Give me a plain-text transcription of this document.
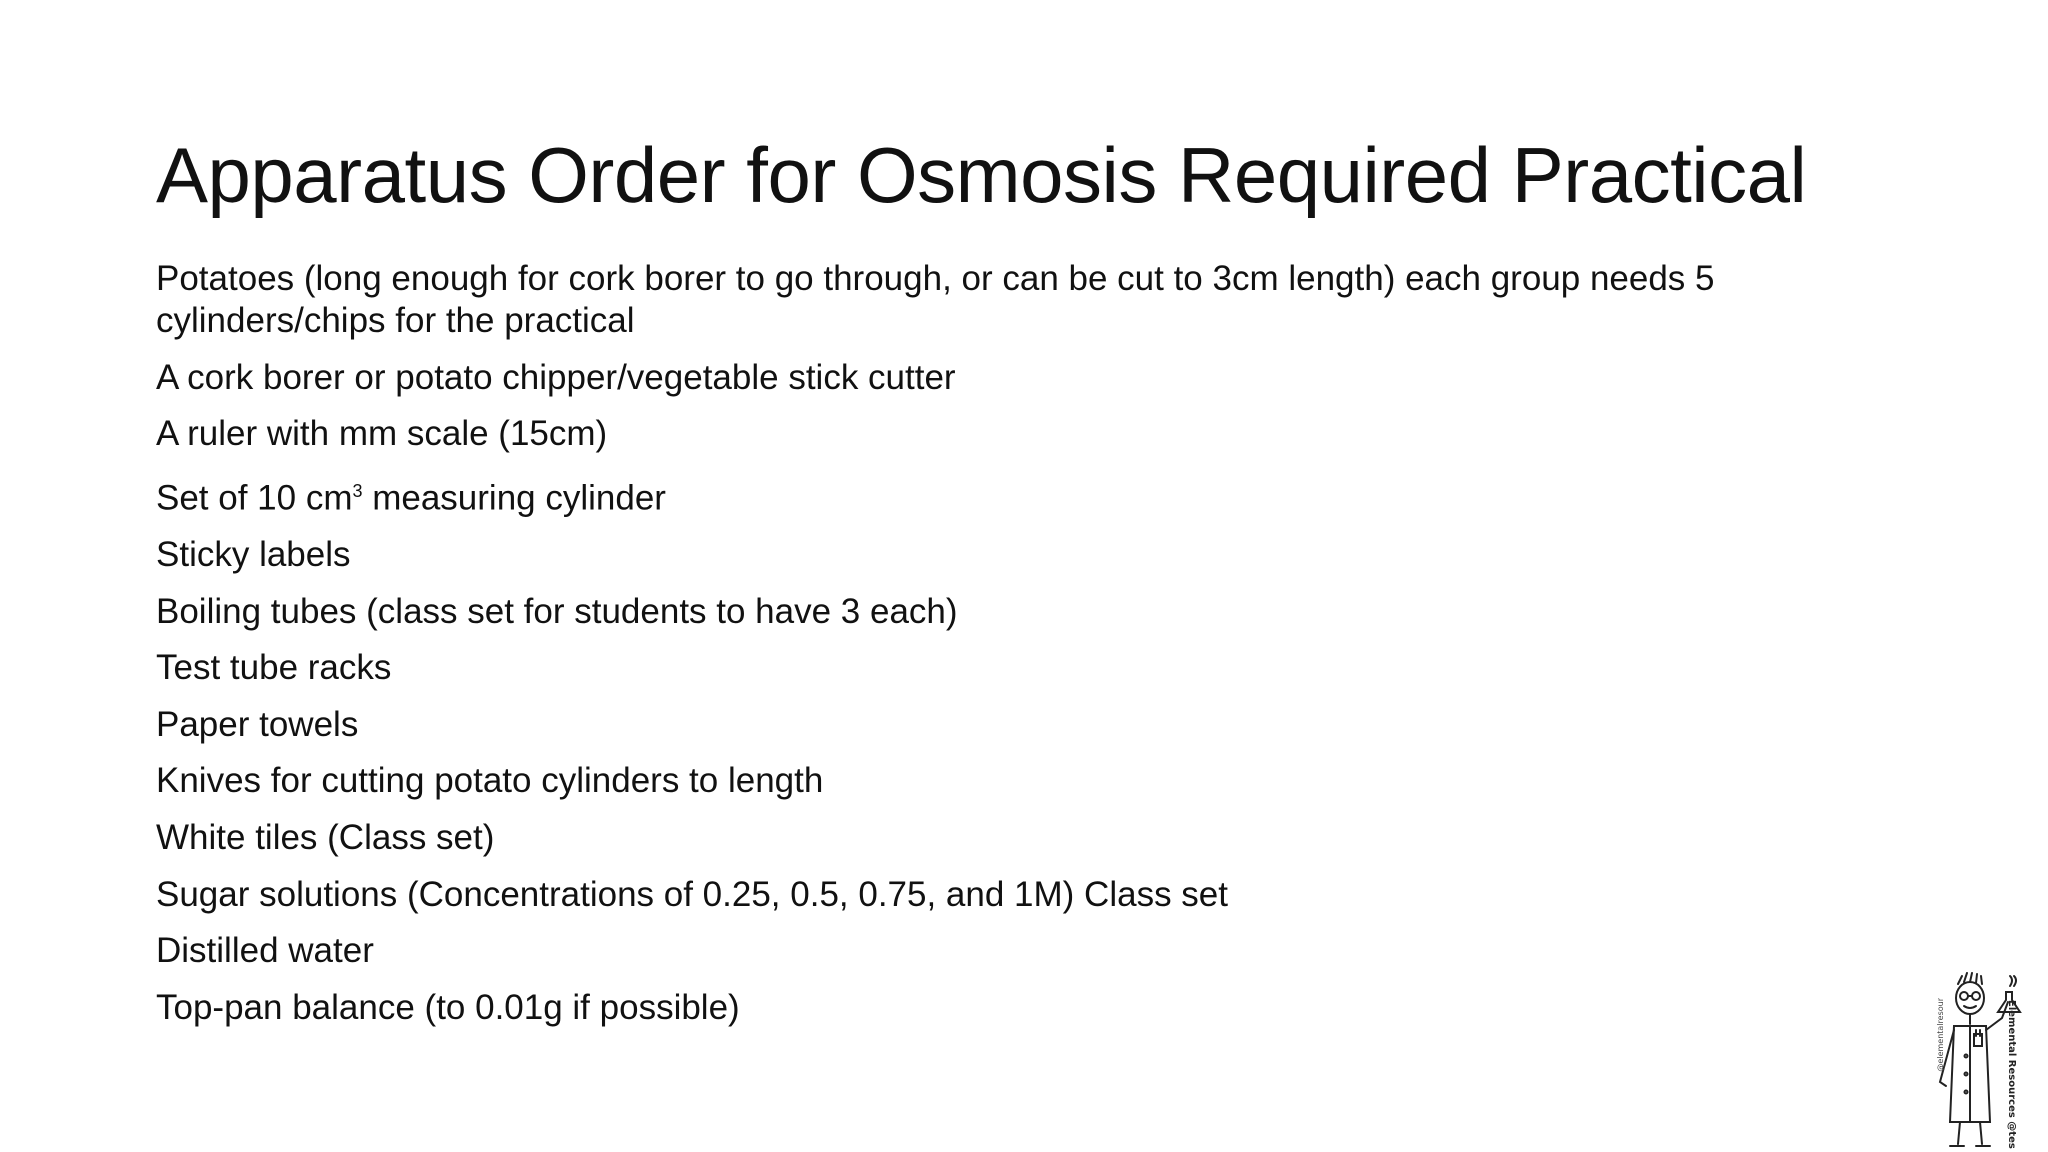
Apparatus Order for Osmosis Required Practical
Potatoes (long enough for cork borer to go through, or can be cut to 3cm length) each group needs 5 cylinders/chips for the practical
A cork borer or potato chipper/vegetable stick cutter
A ruler with mm scale (15cm)
Set of 10 $cm^3$ measuring cylinder
Sticky labels
Boiling tubes (class set for students to have 3 each)
Test tube racks
Paper towels
Knives for cutting potato cylinders to length
White tiles (Class set)
Sugar solutions (Concentrations of 0.25, 0.5, 0.75, and 1M) Class set
Distilled water
Top-pan balance (to 0.01g if possible)	Elemental Resources @tes
@elementalresour
